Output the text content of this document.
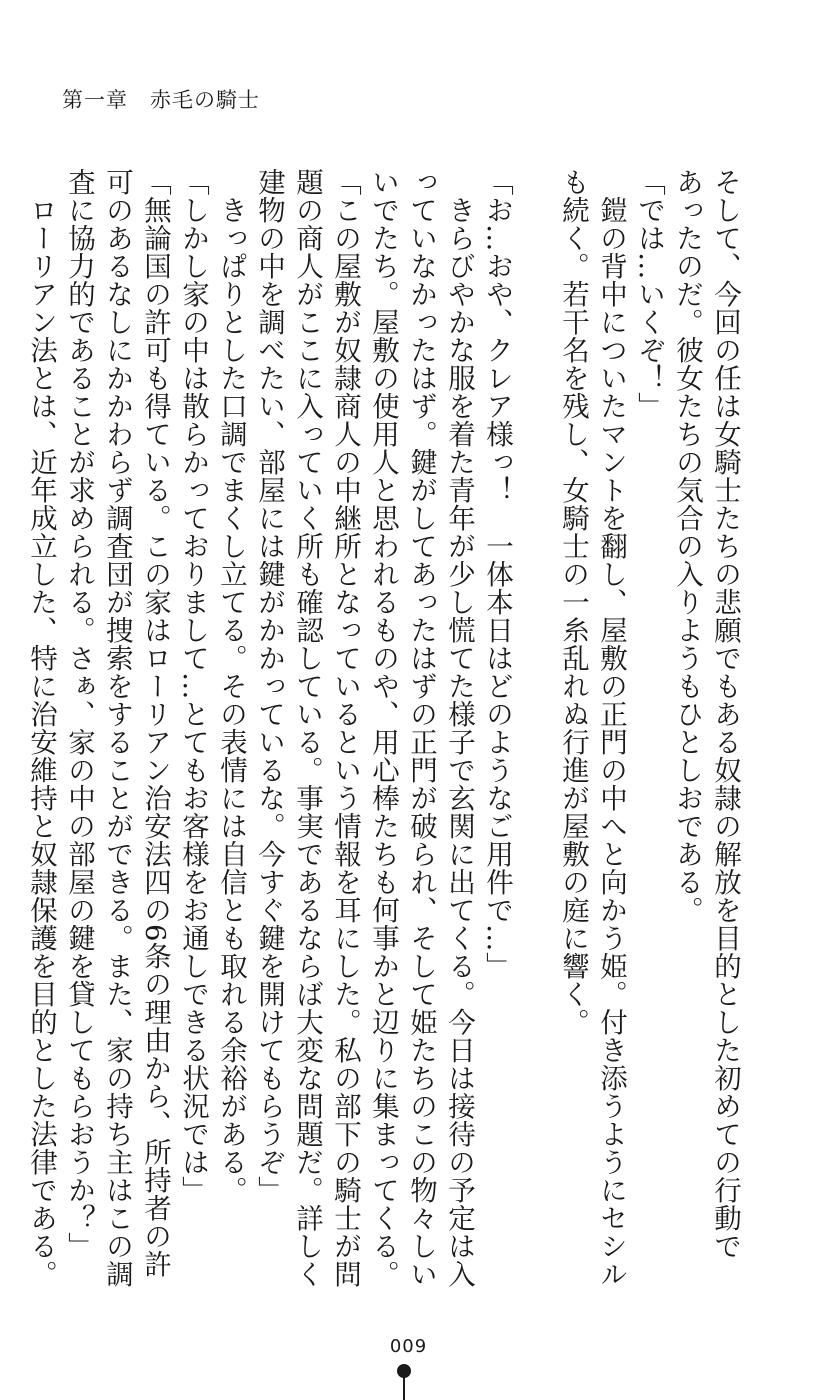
第一章 赤毛の騎士

そして、今回の任は女騎士たちの悲願でもある奴隷の解放を目的とした初めての行動で

あったのだ。彼女たちの気合の入りようもひとしおである。

「では…いくぞ！」

　鎧の背中についたマントを翻し、屋敷の正門の中へと向かう姫。付き添うようにセシル

も続く。若干名を残し、女騎士の一糸乱れぬ行進が屋敷の庭に響く。

「お…おや、クレア様っ！　一体本日はどのようなご用件で…」

　きらびやかな服を着た青年が少し慌てた様子で玄関に出てくる。今日は接待の予定は入

っていなかったはず。鍵がしてあったはずの正門が破られ、そして姫たちのこの物々しい

いでたち。屋敷の使用人と思われるものや、用心棒たちも何事かと辺りに集まってくる。

「この屋敷が奴隷商人の中継所となっているという情報を耳にした。私の部下の騎士が問

題の商人がここに入っていく所も確認している。事実であるならば大変な問題だ。詳しく

建物の中を調べたい、部屋には鍵がかかっているな。今すぐ鍵を開けてもらうぞ」

　きっぱりとした口調でまくし立てる。その表情には自信とも取れる余裕がある。

「しかし家の中は散らかっておりまして…とてもお客様をお通しできる状況では」

「無論国の許可も得ている。この家はローリアン治安法四の6条の理由から、所持者の許

可のあるなしにかかわらず調査団が捜索をすることができる。また、家の持ち主はこの調

査に協力的であることが求められる。さぁ、家の中の部屋の鍵を貸してもらおうか？」

　ローリアン法とは、近年成立した、特に治安維持と奴隷保護を目的とした法律である。

009
